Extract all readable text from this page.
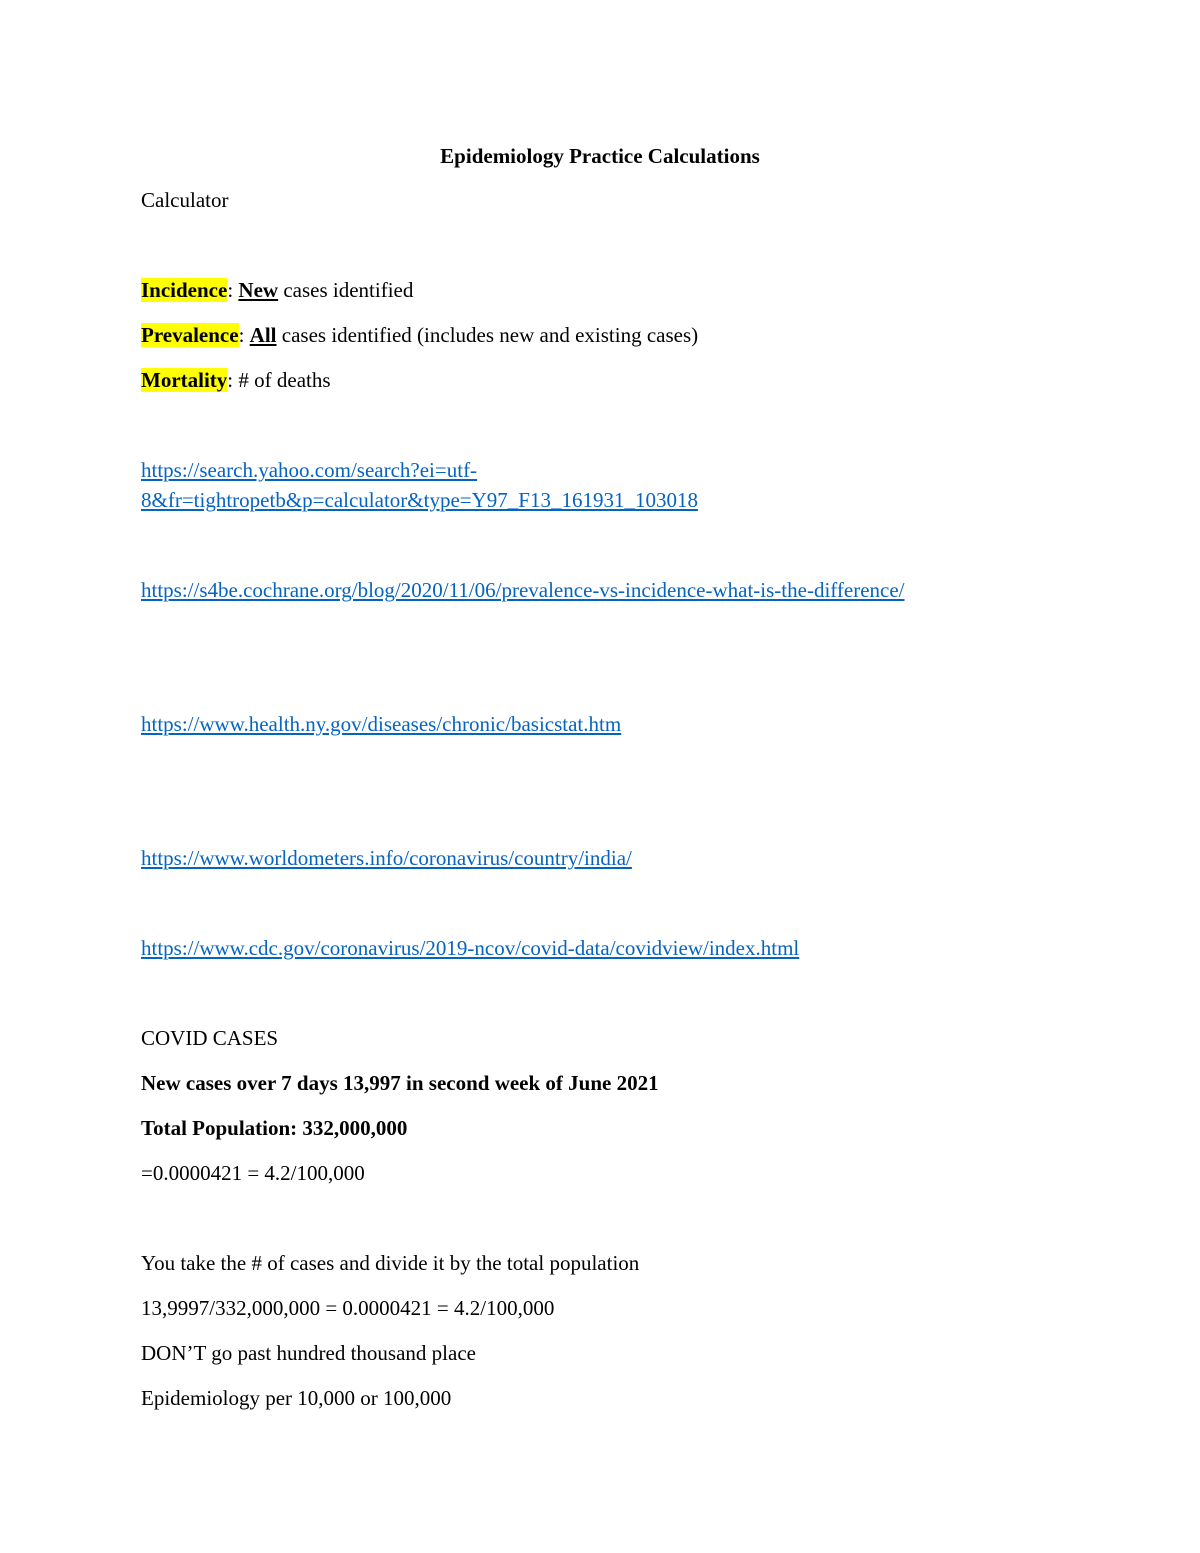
Epidemiology Practice Calculations
Calculator
Incidence: New cases identified
Prevalence: All cases identified (includes new and existing cases)
Mortality: # of deaths
https://search.yahoo.com/search?ei=utf-
8&fr=tightropetb&p=calculator&type=Y97_F13_161931_103018
https://s4be.cochrane.org/blog/2020/11/06/prevalence-vs-incidence-what-is-the-difference/
https://www.health.ny.gov/diseases/chronic/basicstat.htm
https://www.worldometers.info/coronavirus/country/india/
https://www.cdc.gov/coronavirus/2019-ncov/covid-data/covidview/index.html
COVID CASES
New cases over 7 days 13,997 in second week of June 2021
Total Population: 332,000,000
=0.0000421 = 4.2/100,000
You take the # of cases and divide it by the total population
13,9997/332,000,000 = 0.0000421 = 4.2/100,000
DON’T go past hundred thousand place
Epidemiology per 10,000 or 100,000
